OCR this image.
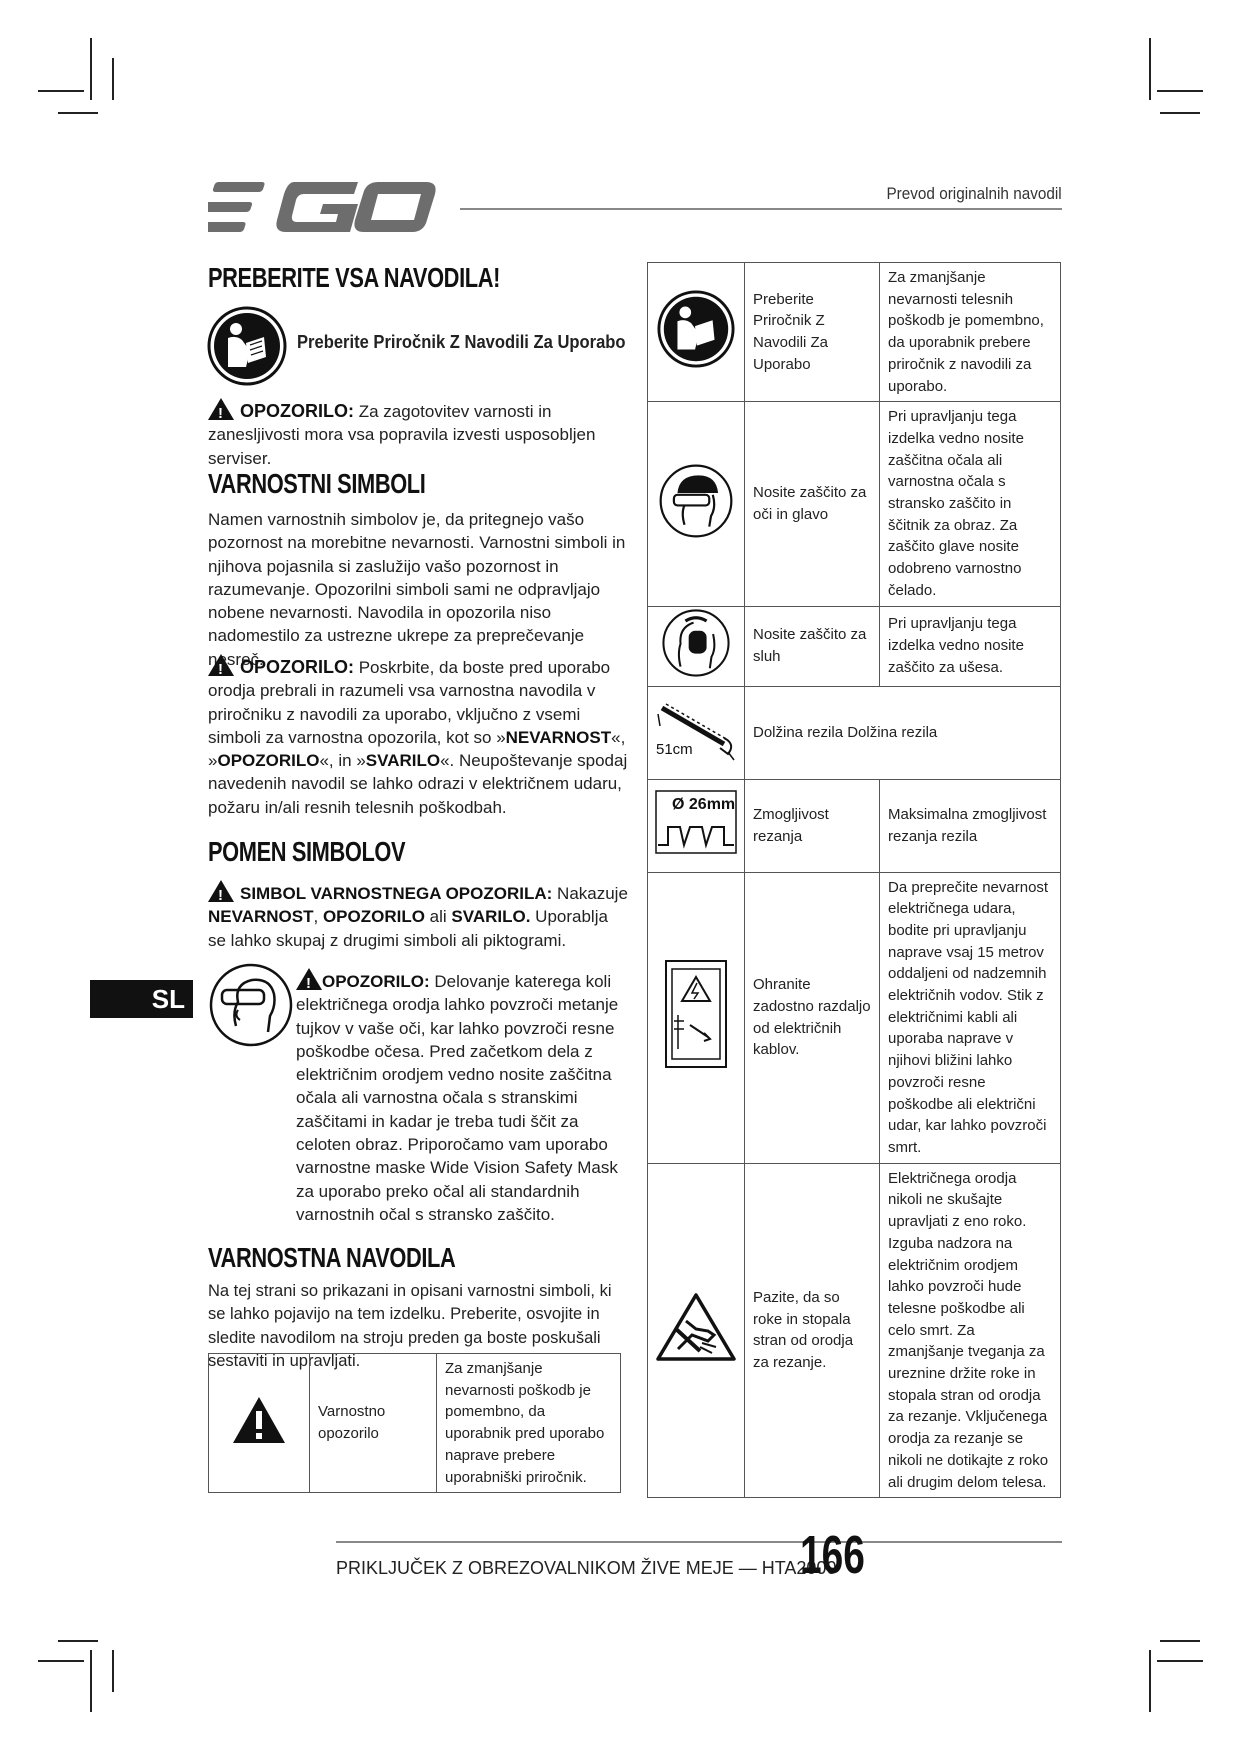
Prevod originalnih navodil
PREBERITE VSA NAVODILA!
Preberite Priročnik Z Navodili Za Uporabo
!OPOZORILO: Za zagotovitev varnosti in zanesljivosti mora vsa popravila izvesti usposobljen serviser.
VARNOSTNI SIMBOLI
Namen varnostnih simbolov je, da pritegnejo vašo pozornost na morebitne nevarnosti. Varnostni simboli in njihova pojasnila si zaslužijo vašo pozornost in razumevanje. Opozorilni simboli sami ne odpravljajo nobene nevarnosti. Navodila in opozorila niso nadomestilo za ustrezne ukrepe za preprečevanje nesreč.
!OPOZORILO: Poskrbite, da boste pred uporabo orodja prebrali in razumeli vsa varnostna navodila v priročniku z navodili za uporabo, vključno z vsemi simboli za varnostna opozorila, kot so »NEVARNOST«, »OPOZORILO«, in »SVARILO«. Neupoštevanje spodaj navedenih navodil se lahko odrazi v električnem udaru, požaru in/ali resnih telesnih poškodbah.
POMEN SIMBOLOV
!SIMBOL VARNOSTNEGA OPOZORILA: Nakazuje NEVARNOST, OPOZORILO ali SVARILO. Uporablja se lahko skupaj z drugimi simboli ali piktogrami.
SL
!OPOZORILO: Delovanje katerega koli električnega orodja lahko povzroči metanje tujkov v vaše oči, kar lahko povzroči resne poškodbe očesa. Pred začetkom dela z električnim orodjem vedno nosite zaščitna očala ali varnostna očala s stranskimi zaščitami in kadar je treba tudi ščit za celoten obraz. Priporočamo vam uporabo varnostne maske Wide Vision Safety Mask za uporabo preko očal ali standardnih varnostnih očal s stransko zaščito.
VARNOSTNA NAVODILA
Na tej strani so prikazani in opisani varnostni simboli, ki se lahko pojavijo na tem izdelku. Preberite, osvojite in sledite navodilom na stroju preden ga boste poskušali sestaviti in upravljati.
	Varnostno opozorilo	Za zmanjšanje nevarnosti poškodb je pomembno, da uporabnik pred uporabo naprave prebere uporabniški priročnik.
	Preberite Priročnik Z Navodili Za Uporabo	Za zmanjšanje nevarnosti telesnih poškodb je pomembno, da uporabnik prebere priročnik z navodili za uporabo.
	Nosite zaščito za oči in glavo	Pri upravljanju tega izdelka vedno nosite zaščitna očala ali varnostna očala s stransko zaščito in ščitnik za obraz. Za zaščito glave nosite odobreno varnostno čelado.
	Nosite zaščito za sluh	Pri upravljanju tega izdelka vedno nosite zaščito za ušesa.

51cm	Dolžina rezila Dolžina rezila	

Ø 26mm	Zmogljivost rezanja	Maksimalna zmogljivost rezanja rezila
	Ohranite zadostno razdaljo od električnih kablov.	Da preprečite nevarnost električnega udara, bodite pri upravljanju naprave vsaj 15 metrov oddaljeni od nadzemnih električnih vodov. Stik z električnimi kabli ali uporaba naprave v njihovi bližini lahko povzroči resne poškodbe ali električni udar, kar lahko povzroči smrt.
	Pazite, da so roke in stopala stran od orodja za rezanje.	Električnega orodja nikoli ne skušajte upravljati z eno roko. Izguba nadzora na električnim orodjem lahko povzroči hude telesne poškodbe ali celo smrt. Za zmanjšanje tveganja za ureznine držite roke in stopala stran od orodja za rezanje. Vključenega orodja za rezanje se nikoli ne dotikajte z roko ali drugim delom telesa.
PRIKLJUČEK Z OBREZOVALNIKOM ŽIVE MEJE — HTA2000
166
